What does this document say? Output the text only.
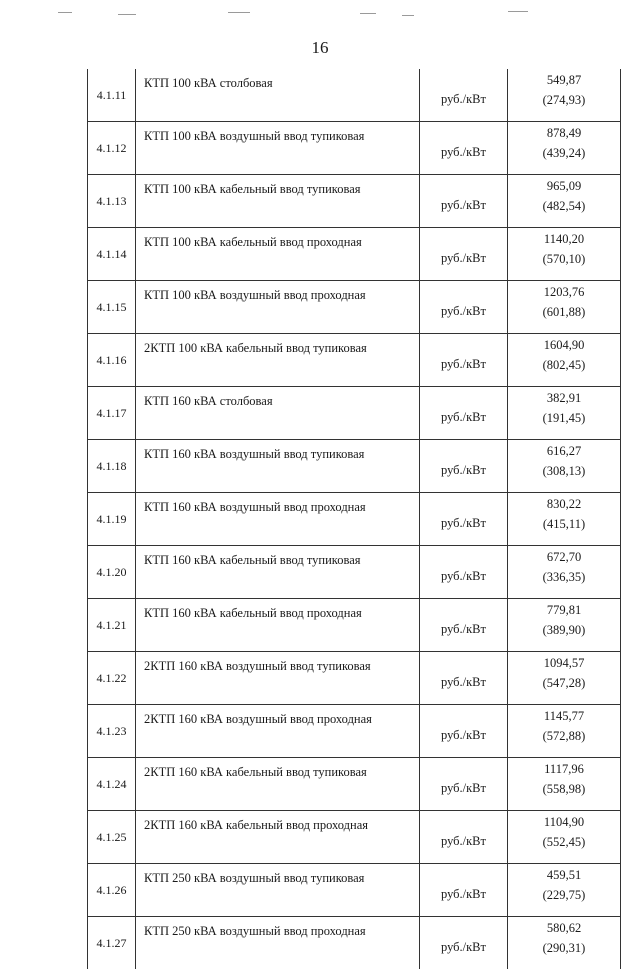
16
4.1.11	КТП 100 кВА столбовая	руб./кВт	549,87
(274,93)

4.1.12	КТП 100 кВА воздушный ввод тупиковая	руб./кВт	878,49
(439,24)

4.1.13	КТП 100 кВА кабельный ввод тупиковая	руб./кВт	965,09
(482,54)

4.1.14	КТП 100 кВА кабельный ввод проходная	руб./кВт	1140,20
(570,10)

4.1.15	КТП 100 кВА воздушный ввод проходная	руб./кВт	1203,76
(601,88)

4.1.16	2КТП 100 кВА кабельный ввод тупиковая	руб./кВт	1604,90
(802,45)

4.1.17	КТП 160 кВА столбовая	руб./кВт	382,91
(191,45)

4.1.18	КТП 160 кВА воздушный ввод тупиковая	руб./кВт	616,27
(308,13)

4.1.19	КТП 160 кВА воздушный ввод проходная	руб./кВт	830,22
(415,11)

4.1.20	КТП 160 кВА кабельный ввод тупиковая	руб./кВт	672,70
(336,35)

4.1.21	КТП 160 кВА кабельный ввод проходная	руб./кВт	779,81
(389,90)

4.1.22	2КТП 160 кВА воздушный ввод тупиковая	руб./кВт	1094,57
(547,28)

4.1.23	2КТП 160 кВА воздушный ввод проходная	руб./кВт	1145,77
(572,88)

4.1.24	2КТП 160 кВА кабельный ввод тупиковая	руб./кВт	1117,96
(558,98)

4.1.25	2КТП 160 кВА кабельный ввод проходная	руб./кВт	1104,90
(552,45)

4.1.26	КТП 250 кВА воздушный ввод тупиковая	руб./кВт	459,51
(229,75)

4.1.27	КТП 250 кВА воздушный ввод проходная	руб./кВт	580,62
(290,31)
